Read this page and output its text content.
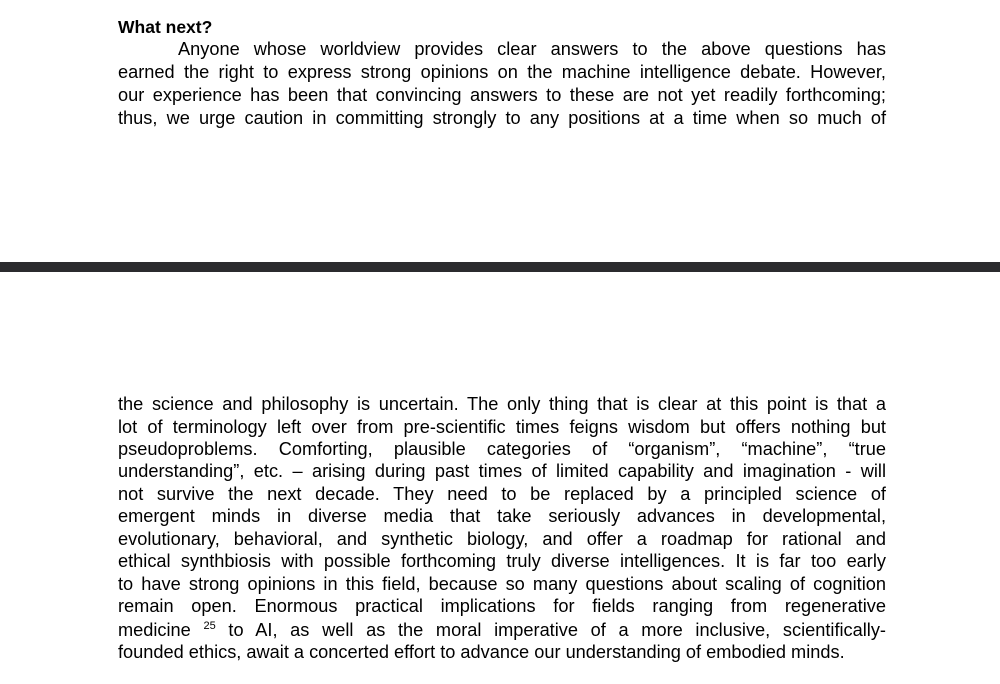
What next?
Anyone whose worldview provides clear answers to the above questions has
earned the right to express strong opinions on the machine intelligence debate. However,
our experience has been that convincing answers to these are not yet readily forthcoming;
thus, we urge caution in committing strongly to any positions at a time when so much of
the science and philosophy is uncertain. The only thing that is clear at this point is that a
lot of terminology left over from pre-scientific times feigns wisdom but offers nothing but
pseudoproblems. Comforting, plausible categories of “organism”, “machine”, “true
understanding”, etc. – arising during past times of limited capability and imagination - will
not survive the next decade. They need to be replaced by a principled science of
emergent minds in diverse media that take seriously advances in developmental,
evolutionary, behavioral, and synthetic biology, and offer a roadmap for rational and
ethical synthbiosis with possible forthcoming truly diverse intelligences. It is far too early
to have strong opinions in this field, because so many questions about scaling of cognition
remain open. Enormous practical implications for fields ranging from regenerative
medicine $^{25}$ to AI, as well as the moral imperative of a more inclusive, scientifically-
founded ethics, await a concerted effort to advance our understanding of embodied minds.
